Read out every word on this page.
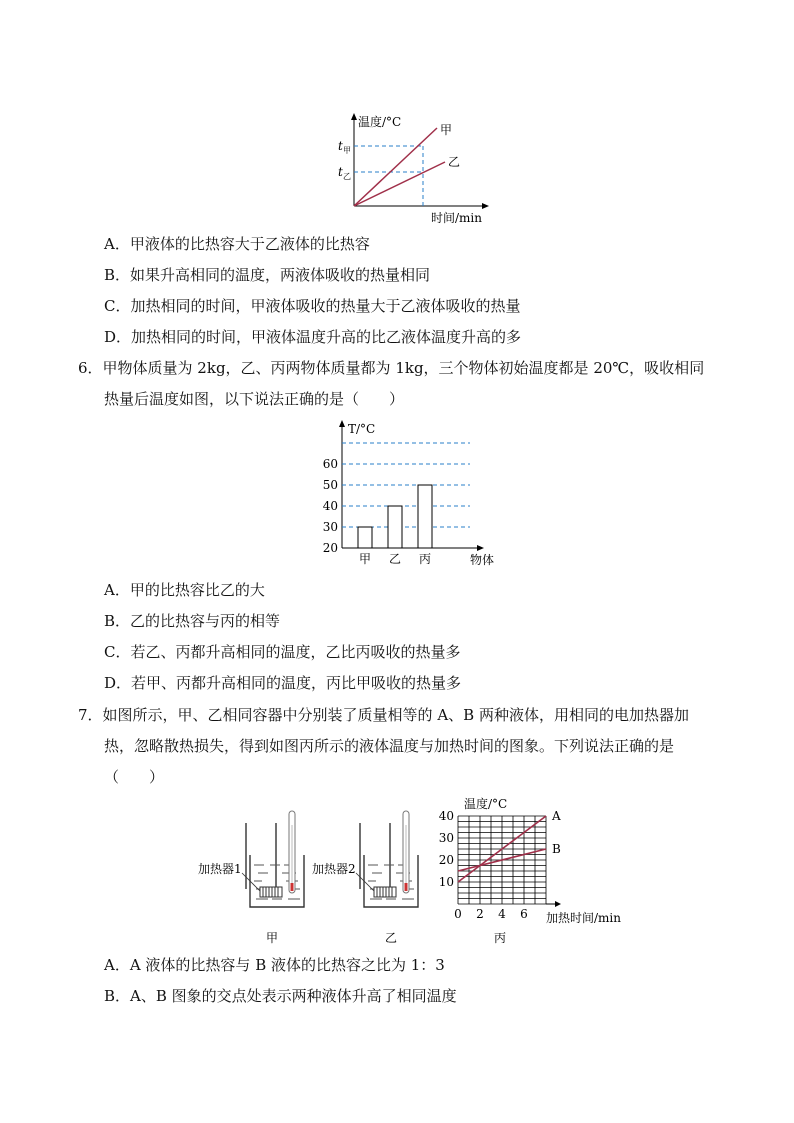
温度/°C
t 甲
t 乙
甲
乙
时间/min
A．甲液体的比热容大于乙液体的比热容
B．如果升高相同的温度，两液体吸收的热量相同
C．加热相同的时间，甲液体吸收的热量大于乙液体吸收的热量
D．加热相同的时间，甲液体温度升高的比乙液体温度升高的多
6．甲物体质量为 2kg，乙、丙两物体质量都为 1kg，三个物体初始温度都是 20℃，吸收相同
热量后温度如图，以下说法正确的是（　　）
20
30
40
50
60
甲 乙 丙
T/°C
物体
A．甲的比热容比乙的大
B．乙的比热容与丙的相等
C．若乙、丙都升高相同的温度，乙比丙吸收的热量多
D．若甲、丙都升高相同的温度，丙比甲吸收的热量多
7．如图所示，甲、乙相同容器中分别装了质量相等的 A、B 两种液体，用相同的电加热器加
热，忽略散热损失，得到如图丙所示的液体温度与加热时间的图象。下列说法正确的是
（　　）
加热器1
甲
加热器2
乙
0 2 4 6
10
20
30
40	A
B
温度/°C
加热时间/min
丙
A．A 液体的比热容与 B 液体的比热容之比为 1：3
B．A、B 图象的交点处表示两种液体升高了相同温度
